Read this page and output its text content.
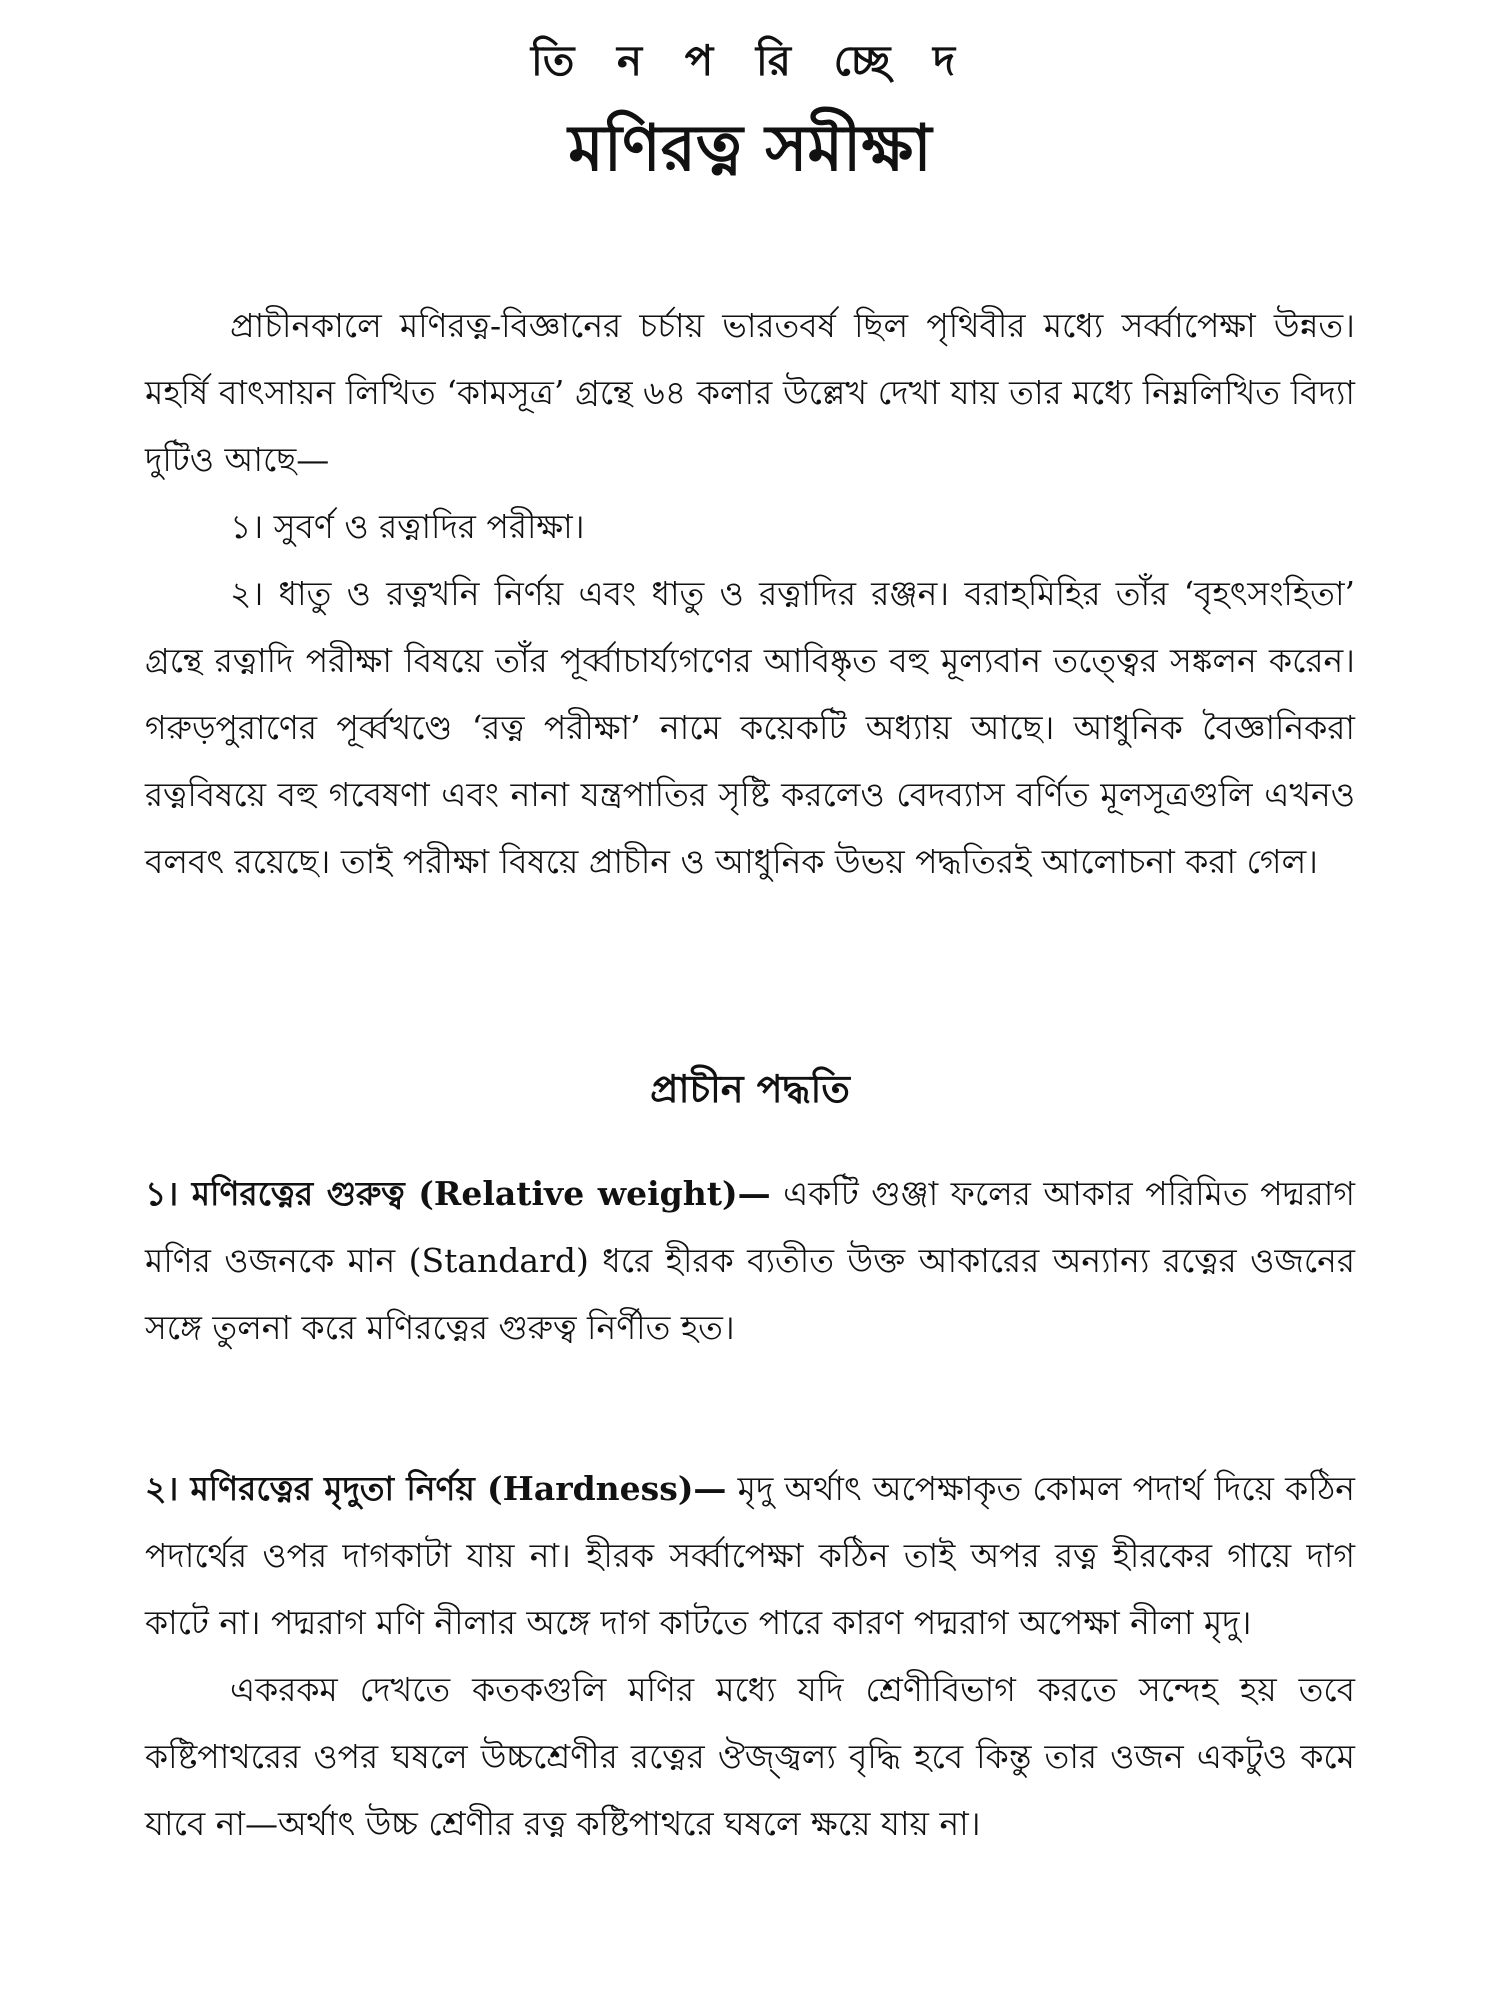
তি ন প রি চ্ছে দ
মণিরত্ন সমীক্ষা

প্রাচীনকালে মণিরত্ন-বিজ্ঞানের চর্চায় ভারতবর্ষ ছিল পৃথিবীর মধ্যে সর্ব্বাপেক্ষা উন্নত। মহর্ষি বাৎসায়ন লিখিত ‘কামসূত্র’ গ্রন্থে ৬৪ কলার উল্লেখ দেখা যায় তার মধ্যে নিম্নলিখিত বিদ্যা দুটিও আছে—

১। সুবর্ণ ও রত্নাদির পরীক্ষা।

২। ধাতু ও রত্নখনি নির্ণয় এবং ধাতু ও রত্নাদির রঞ্জন। বরাহমিহির তাঁর ‘বৃহৎসংহিতা’ গ্রন্থে রত্নাদি পরীক্ষা বিষয়ে তাঁর পূর্ব্বাচার্য্যগণের আবিষ্কৃত বহু মূল্যবান তত্ত্বের সঙ্কলন করেন। গরুড়পুরাণের পূর্ব্বখণ্ডে ‘রত্ন পরীক্ষা’ নামে কয়েকটি অধ্যায় আছে। আধুনিক বৈজ্ঞানিকরা রত্নবিষয়ে বহু গবেষণা এবং নানা যন্ত্রপাতির সৃষ্টি করলেও বেদব্যাস বর্ণিত মূলসূত্রগুলি এখনও বলবৎ রয়েছে। তাই পরীক্ষা বিষয়ে প্রাচীন ও আধুনিক উভয় পদ্ধতিরই আলোচনা করা গেল।

প্রাচীন পদ্ধতি

১। মণিরত্নের গুরুত্ব (Relative weight)— একটি গুঞ্জা ফলের আকার পরিমিত পদ্মরাগ মণির ওজনকে মান (Standard) ধরে হীরক ব্যতীত উক্ত আকারের অন্যান্য রত্নের ওজনের সঙ্গে তুলনা করে মণিরত্নের গুরুত্ব নির্ণীত হত।

২। মণিরত্নের মৃদুতা নির্ণয় (Hardness)— মৃদু অর্থাৎ অপেক্ষাকৃত কোমল পদার্থ দিয়ে কঠিন পদার্থের ওপর দাগকাটা যায় না। হীরক সর্ব্বাপেক্ষা কঠিন তাই অপর রত্ন হীরকের গায়ে দাগ কাটে না। পদ্মরাগ মণি নীলার অঙ্গে দাগ কাটতে পারে কারণ পদ্মরাগ অপেক্ষা নীলা মৃদু।

একরকম দেখতে কতকগুলি মণির মধ্যে যদি শ্রেণীবিভাগ করতে সন্দেহ হয় তবে কষ্টিপাথরের ওপর ঘষলে উচ্চশ্রেণীর রত্নের ঔজ্জ্বল্য বৃদ্ধি হবে কিন্তু তার ওজন একটুও কমে যাবে না—অর্থাৎ উচ্চ শ্রেণীর রত্ন কষ্টিপাথরে ঘষলে ক্ষয়ে যায় না।
